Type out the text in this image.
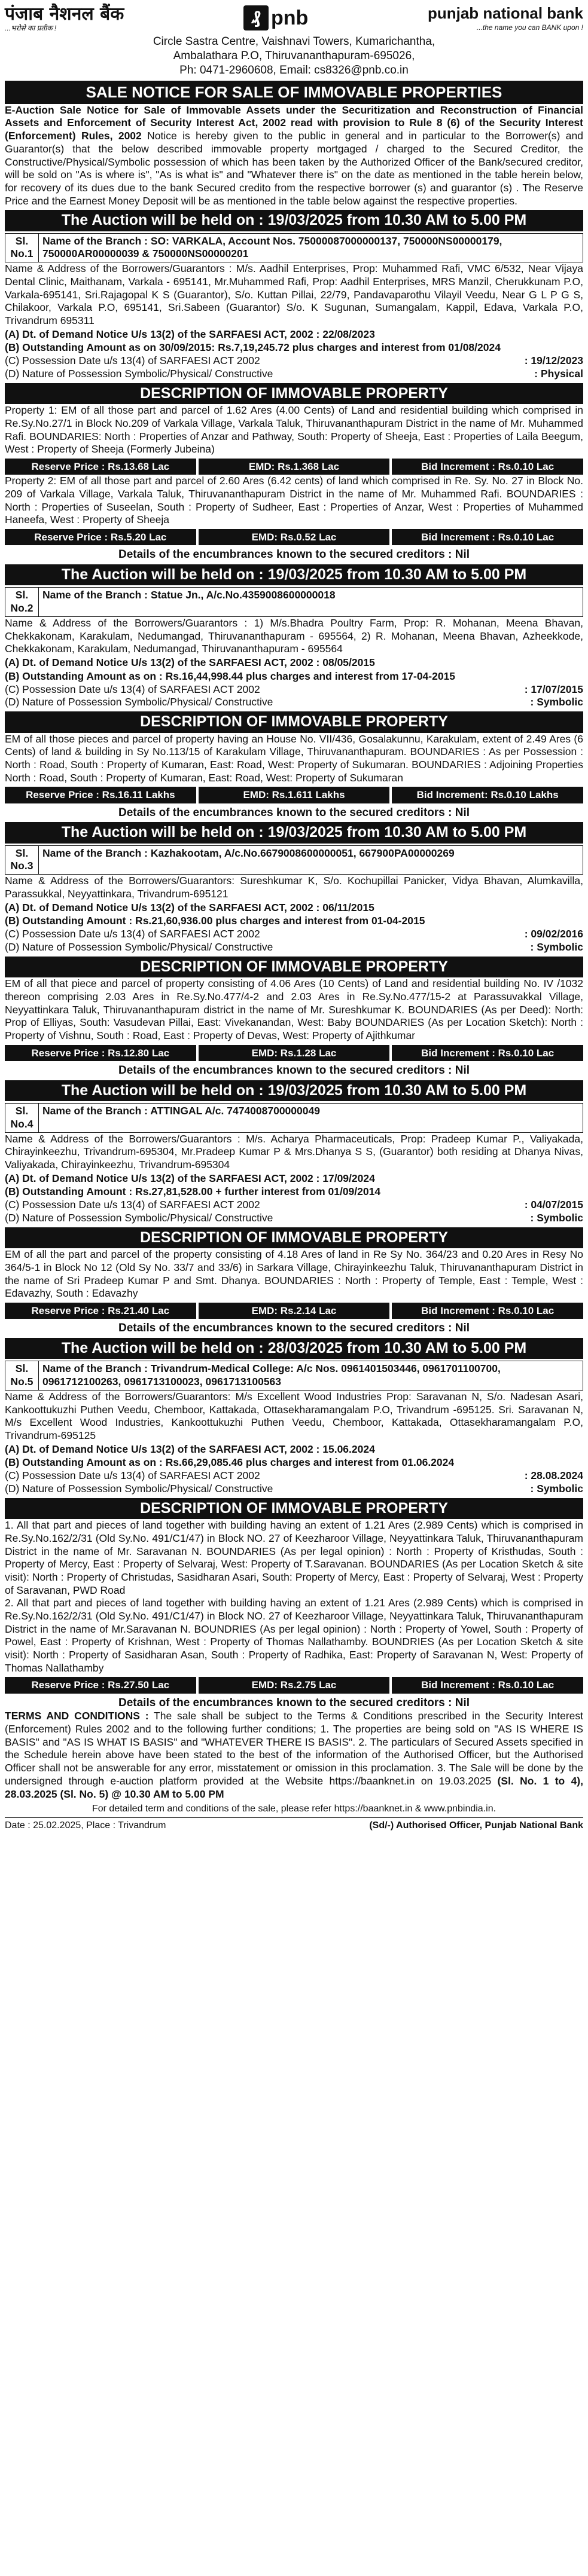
पंजाब नैशनल बैंक
...भरोसे का प्रतीक !
₰ pnb	punjab national bank
...the name you can BANK upon !
Circle Sastra Centre, Vaishnavi Towers, Kumarichantha,
Ambalathara P.O, Thiruvananthapuram-695026,
Ph: 0471-2960608, Email: cs8326@pnb.co.in
SALE NOTICE FOR SALE OF IMMOVABLE PROPERTIES
E-Auction Sale Notice for Sale of Immovable Assets under the Securitization and Reconstruction of Financial Assets and Enforcement of Security Interest Act, 2002 read with provision to Rule 8 (6) of the Security Interest (Enforcement) Rules, 2002 Notice is hereby given to the public in general and in particular to the Borrower(s) and Guarantor(s) that the below described immovable property mortgaged / charged to the Secured Creditor, the Constructive/Physical/Symbolic possession of which has been taken by the Authorized Officer of the Bank/secured creditor, will be sold on "As is where is", "As is what is" and "Whatever there is" on the date as mentioned in the table herein below, for recovery of its dues due to the bank Secured credito from the respective borrower (s) and guarantor (s) . The Reserve Price and the Earnest Money Deposit will be as mentioned in the table below against the respective properties.
The Auction will be held on : 19/03/2025 from 10.30 AM to 5.00 PM
Sl. No.1
Name of the Branch : SO: VARKALA, Account Nos. 75000087000000137, 750000NS00000179, 750000AR00000039 & 750000NS00000201
Name & Address of the Borrowers/Guarantors : M/s. Aadhil Enterprises, Prop: Muhammed Rafi, VMC 6/532, Near Vijaya Dental Clinic, Maithanam, Varkala - 695141, Mr.Muhammed Rafi, Prop: Aadhil Enterprises, MRS Manzil, Cherukkunam P.O, Varkala-695141, Sri.Rajagopal K S (Guarantor), S/o. Kuttan Pillai, 22/79, Pandavaparothu Vilayil Veedu, Near G L P G S, Chilakoor, Varkala P.O, 695141, Sri.Sabeen (Guarantor) S/o. K Sugunan, Sumangalam, Kappil, Edava, Varkala P.O, Trivandrum 695311
(A) Dt. of Demand Notice U/s 13(2) of the SARFAESI ACT, 2002 : 22/08/2023
(B) Outstanding Amount as on 30/09/2015: Rs.7,19,245.72 plus charges and interest from 01/08/2024
(C) Possession Date u/s 13(4) of SARFAESI ACT 2002	: 19/12/2023
(D) Nature of Possession Symbolic/Physical/ Constructive	: Physical
DESCRIPTION OF IMMOVABLE PROPERTY
Property 1: EM of all those part and parcel of 1.62 Ares (4.00 Cents) of Land and residential building which comprised in Re.Sy.No.27/1 in Block No.209 of Varkala Village, Varkala Taluk, Thiruvananthapuram District in the name of Mr. Muhammed Rafi. BOUNDARIES: North : Properties of Anzar and Pathway, South: Property of Sheeja, East : Properties of Laila Beegum, West : Property of Sheeja (Formerly Jubeina)
Reserve Price : Rs.13.68 Lac	EMD: Rs.1.368 Lac	Bid Increment : Rs.0.10 Lac
Property 2: EM of all those part and parcel of 2.60 Ares (6.42 cents) of land which comprised in Re. Sy. No. 27 in Block No. 209 of Varkala Village, Varkala Taluk, Thiruvananthapuram District in the name of Mr. Muhammed Rafi. BOUNDARIES : North : Properties of Suseelan, South : Property of Sudheer, East : Properties of Anzar, West : Properties of Muhammed Haneefa, West : Property of Sheeja
Reserve Price : Rs.5.20 Lac	EMD: Rs.0.52 Lac	Bid Increment : Rs.0.10 Lac
Details of the encumbrances known to the secured creditors : Nil
The Auction will be held on : 19/03/2025 from 10.30 AM to 5.00 PM
Sl. No.2
Name of the Branch : Statue Jn., A/c.No.4359008600000018
Name & Address of the Borrowers/Guarantors : 1) M/s.Bhadra Poultry Farm, Prop: R. Mohanan, Meena Bhavan, Chekkakonam, Karakulam, Nedumangad, Thiruvananthapuram - 695564, 2) R. Mohanan, Meena Bhavan, Azheekkode, Chekkakonam, Karakulam, Nedumangad, Thiruvananthapuram - 695564
(A) Dt. of Demand Notice U/s 13(2) of the SARFAESI ACT, 2002 : 08/05/2015
(B) Outstanding Amount as on : Rs.16,44,998.44 plus charges and interest from 17-04-2015
(C) Possession Date u/s 13(4) of SARFAESI ACT 2002	: 17/07/2015
(D) Nature of Possession Symbolic/Physical/ Constructive	: Symbolic
DESCRIPTION OF IMMOVABLE PROPERTY
EM of all those pieces and parcel of property having an House No. VII/436, Gosalakunnu, Karakulam, extent of 2.49 Ares (6 Cents) of land & building in Sy No.113/15 of Karakulam Village, Thiruvananthapuram. BOUNDARIES : As per Possession : North : Road, South : Property of Kumaran, East: Road, West: Property of Sukumaran. BOUNDARIES : Adjoining Properties North : Road, South : Property of Kumaran, East: Road, West: Property of Sukumaran
Reserve Price : Rs.16.11 Lakhs	EMD: Rs.1.611 Lakhs	Bid Increment: Rs.0.10 Lakhs
Details of the encumbrances known to the secured creditors : Nil
The Auction will be held on : 19/03/2025 from 10.30 AM to 5.00 PM
Sl. No.3
Name of the Branch : Kazhakootam, A/c.No.6679008600000051, 667900PA00000269
Name & Address of the Borrowers/Guarantors: Sureshkumar K, S/o. Kochupillai Panicker, Vidya Bhavan, Alumkavilla, Parassukkal, Neyyattinkara, Trivandrum-695121
(A) Dt. of Demand Notice U/s 13(2) of the SARFAESI ACT, 2002 : 06/11/2015
(B) Outstanding Amount : Rs.21,60,936.00 plus charges and interest from 01-04-2015
(C) Possession Date u/s 13(4) of SARFAESI ACT 2002	: 09/02/2016
(D) Nature of Possession Symbolic/Physical/ Constructive	: Symbolic
DESCRIPTION OF IMMOVABLE PROPERTY
EM of all that piece and parcel of property consisting of 4.06 Ares (10 Cents) of Land and residential building No. IV /1032 thereon comprising 2.03 Ares in Re.Sy.No.477/4-2 and 2.03 Ares in Re.Sy.No.477/15-2 at Parassuvakkal Village, Neyyattinkara Taluk, Thiruvananthapuram district in the name of Mr. Sureshkumar K. BOUNDARIES (As per Deed): North: Prop of Elliyas, South: Vasudevan Pillai, East: Vivekanandan, West: Baby BOUNDARIES (As per Location Sketch): North : Property of Vishnu, South : Road, East : Property of Devas, West: Property of Ajithkumar
Reserve Price : Rs.12.80 Lac	EMD: Rs.1.28 Lac	Bid Increment : Rs.0.10 Lac
Details of the encumbrances known to the secured creditors : Nil
The Auction will be held on : 19/03/2025 from 10.30 AM to 5.00 PM
Sl. No.4
Name of the Branch : ATTINGAL A/c. 7474008700000049
Name & Address of the Borrowers/Guarantors : M/s. Acharya Pharmaceuticals, Prop: Pradeep Kumar P., Valiyakada, Chirayinkeezhu, Trivandrum-695304, Mr.Pradeep Kumar P & Mrs.Dhanya S S, (Guarantor) both residing at Dhanya Nivas, Valiyakada, Chirayinkeezhu, Trivandrum-695304
(A) Dt. of Demand Notice U/s 13(2) of the SARFAESI ACT, 2002 : 17/09/2024
(B) Outstanding Amount : Rs.27,81,528.00 + further interest from 01/09/2014
(C) Possession Date u/s 13(4) of SARFAESI ACT 2002	: 04/07/2015
(D) Nature of Possession Symbolic/Physical/ Constructive	: Symbolic
DESCRIPTION OF IMMOVABLE PROPERTY
EM of all the part and parcel of the property consisting of 4.18 Ares of land in Re Sy No. 364/23 and 0.20 Ares in Resy No 364/5-1 in Block No 12 (Old Sy No. 33/7 and 33/6) in Sarkara Village, Chirayinkeezhu Taluk, Thiruvananthapuram District in the name of Sri Pradeep Kumar P and Smt. Dhanya. BOUNDARIES : North : Property of Temple, East : Temple, West : Edavazhy, South : Edavazhy
Reserve Price : Rs.21.40 Lac	EMD: Rs.2.14 Lac	Bid Increment : Rs.0.10 Lac
Details of the encumbrances known to the secured creditors : Nil
The Auction will be held on : 28/03/2025 from 10.30 AM to 5.00 PM
Sl. No.5
Name of the Branch : Trivandrum-Medical College: A/c Nos. 0961401503446, 0961701100700, 0961712100263, 0961713100023, 0961713100563
Name & Address of the Borrowers/Guarantors: M/s Excellent Wood Industries Prop: Saravanan N, S/o. Nadesan Asari, Kankoottukuzhi Puthen Veedu, Chemboor, Kattakada, Ottasekharamangalam P.O, Trivandrum -695125. Sri. Saravanan N, M/s Excellent Wood Industries, Kankoottukuzhi Puthen Veedu, Chemboor, Kattakada, Ottasekharamangalam P.O, Trivandrum-695125
(A) Dt. of Demand Notice U/s 13(2) of the SARFAESI ACT, 2002 : 15.06.2024
(B) Outstanding Amount as on : Rs.66,29,085.46 plus charges and interest from 01.06.2024
(C) Possession Date u/s 13(4) of SARFAESI ACT 2002	: 28.08.2024
(D) Nature of Possession Symbolic/Physical/ Constructive	: Symbolic
DESCRIPTION OF IMMOVABLE PROPERTY
1. All that part and pieces of land together with building having an extent of 1.21 Ares (2.989 Cents) which is comprised in Re.Sy.No.162/2/31 (Old Sy.No. 491/C1/47) in Block NO. 27 of Keezharoor Village, Neyyattinkara Taluk, Thiruvananthapuram District in the name of Mr. Saravanan N. BOUNDARIES (As per legal opinion) : North : Property of Kristhudas, South : Property of Mercy, East : Property of Selvaraj, West: Property of T.Saravanan. BOUNDARIES (As per Location Sketch & site visit): North : Property of Christudas, Sasidharan Asari, South: Property of Mercy, East : Property of Selvaraj, West : Property of Saravanan, PWD Road
2. All that part and pieces of land together with building having an extent of 1.21 Ares (2.989 Cents) which is comprised in Re.Sy.No.162/2/31 (Old Sy.No. 491/C1/47) in Block NO. 27 of Keezharoor Village, Neyyattinkara Taluk, Thiruvananthapuram District in the name of Mr.Saravanan N. BOUNDRIES (As per legal opinion) : North : Property of Yowel, South : Property of Powel, East : Property of Krishnan, West : Property of Thomas Nallathamby. BOUNDRIES (As per Location Sketch & site visit): North : Property of Sasidharan Asan, South : Property of Radhika, East: Property of Saravanan N, West: Property of Thomas Nallathamby
Reserve Price : Rs.27.50 Lac	EMD: Rs.2.75 Lac	Bid Increment : Rs.0.10 Lac
Details of the encumbrances known to the secured creditors : Nil
TERMS AND CONDITIONS : The sale shall be subject to the Terms & Conditions prescribed in the Security Interest (Enforcement) Rules 2002 and to the following further conditions; 1. The properties are being sold on "AS IS WHERE IS BASIS" and "AS IS WHAT IS BASIS" and "WHATEVER THERE IS BASIS". 2. The particulars of Secured Assets specified in the Schedule herein above have been stated to the best of the information of the Authorised Officer, but the Authorised Officer shall not be answerable for any error, misstatement or omission in this proclamation. 3. The Sale will be done by the undersigned through e-auction platform provided at the Website https://baanknet.in on 19.03.2025 (Sl. No. 1 to 4), 28.03.2025 (Sl. No. 5) @ 10.30 AM to 5.00 PM
For detailed term and conditions of the sale, please refer https://baanknet.in & www.pnbindia.in.
Date : 25.02.2025, Place : Trivandrum	(Sd/-) Authorised Officer, Punjab National Bank
